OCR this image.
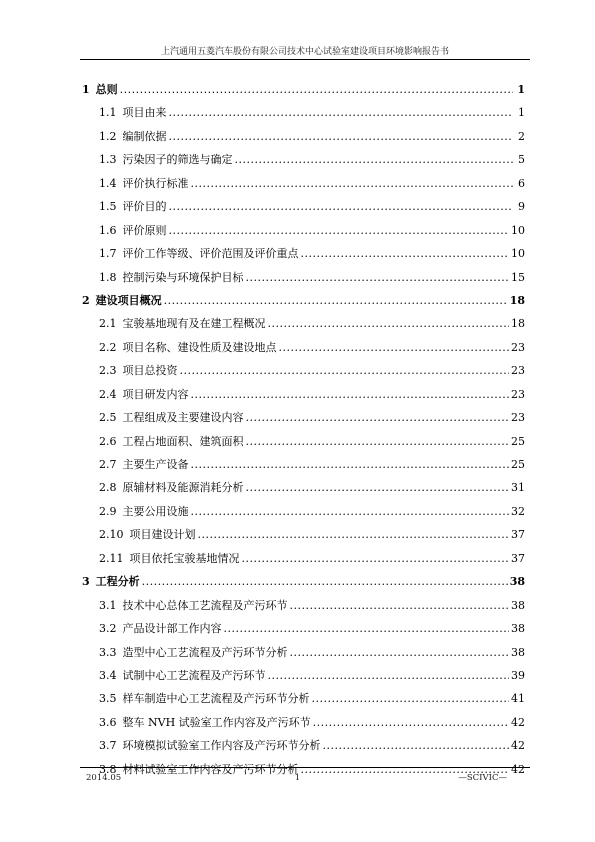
上汽通用五菱汽车股份有限公司技术中心试验室建设项目环境影响报告书
1 总则 .....	1
1.1 项目由来 .....	1
1.2 编制依据 .....	2
1.3 污染因子的筛选与确定 .....	5
1.4 评价执行标准 .....	6
1.5 评价目的 .....	9
1.6 评价原则 .....	10
1.7 评价工作等级、评价范围及评价重点 .....	10
1.8 控制污染与环境保护目标 .....	15
2 建设项目概况 .....	18
2.1 宝骏基地现有及在建工程概况 .....	18
2.2 项目名称、建设性质及建设地点 .....	23
2.3 项目总投资 .....	23
2.4 项目研发内容 .....	23
2.5 工程组成及主要建设内容 .....	23
2.6 工程占地面积、建筑面积 .....	25
2.7 主要生产设备 .....	25
2.8 原辅材料及能源消耗分析 .....	31
2.9 主要公用设施 .....	32
2.10 项目建设计划 .....	37
2.11 项目依托宝骏基地情况 .....	37
3 工程分析 .....	38
3.1 技术中心总体工艺流程及产污环节 .....	38
3.2 产品设计部工作内容 .....	38
3.3 造型中心工艺流程及产污环节分析 .....	38
3.4 试制中心工艺流程及产污环节 .....	39
3.5 样车制造中心工艺流程及产污环节分析 .....	41
3.6 整车 NVH 试验室工作内容及产污环节 .....	42
3.7 环境模拟试验室工作内容及产污环节分析 .....	42
3.8 材料试验室工作内容及产污环节分析 .....	42
2014.05	1	—SCIVIC—
